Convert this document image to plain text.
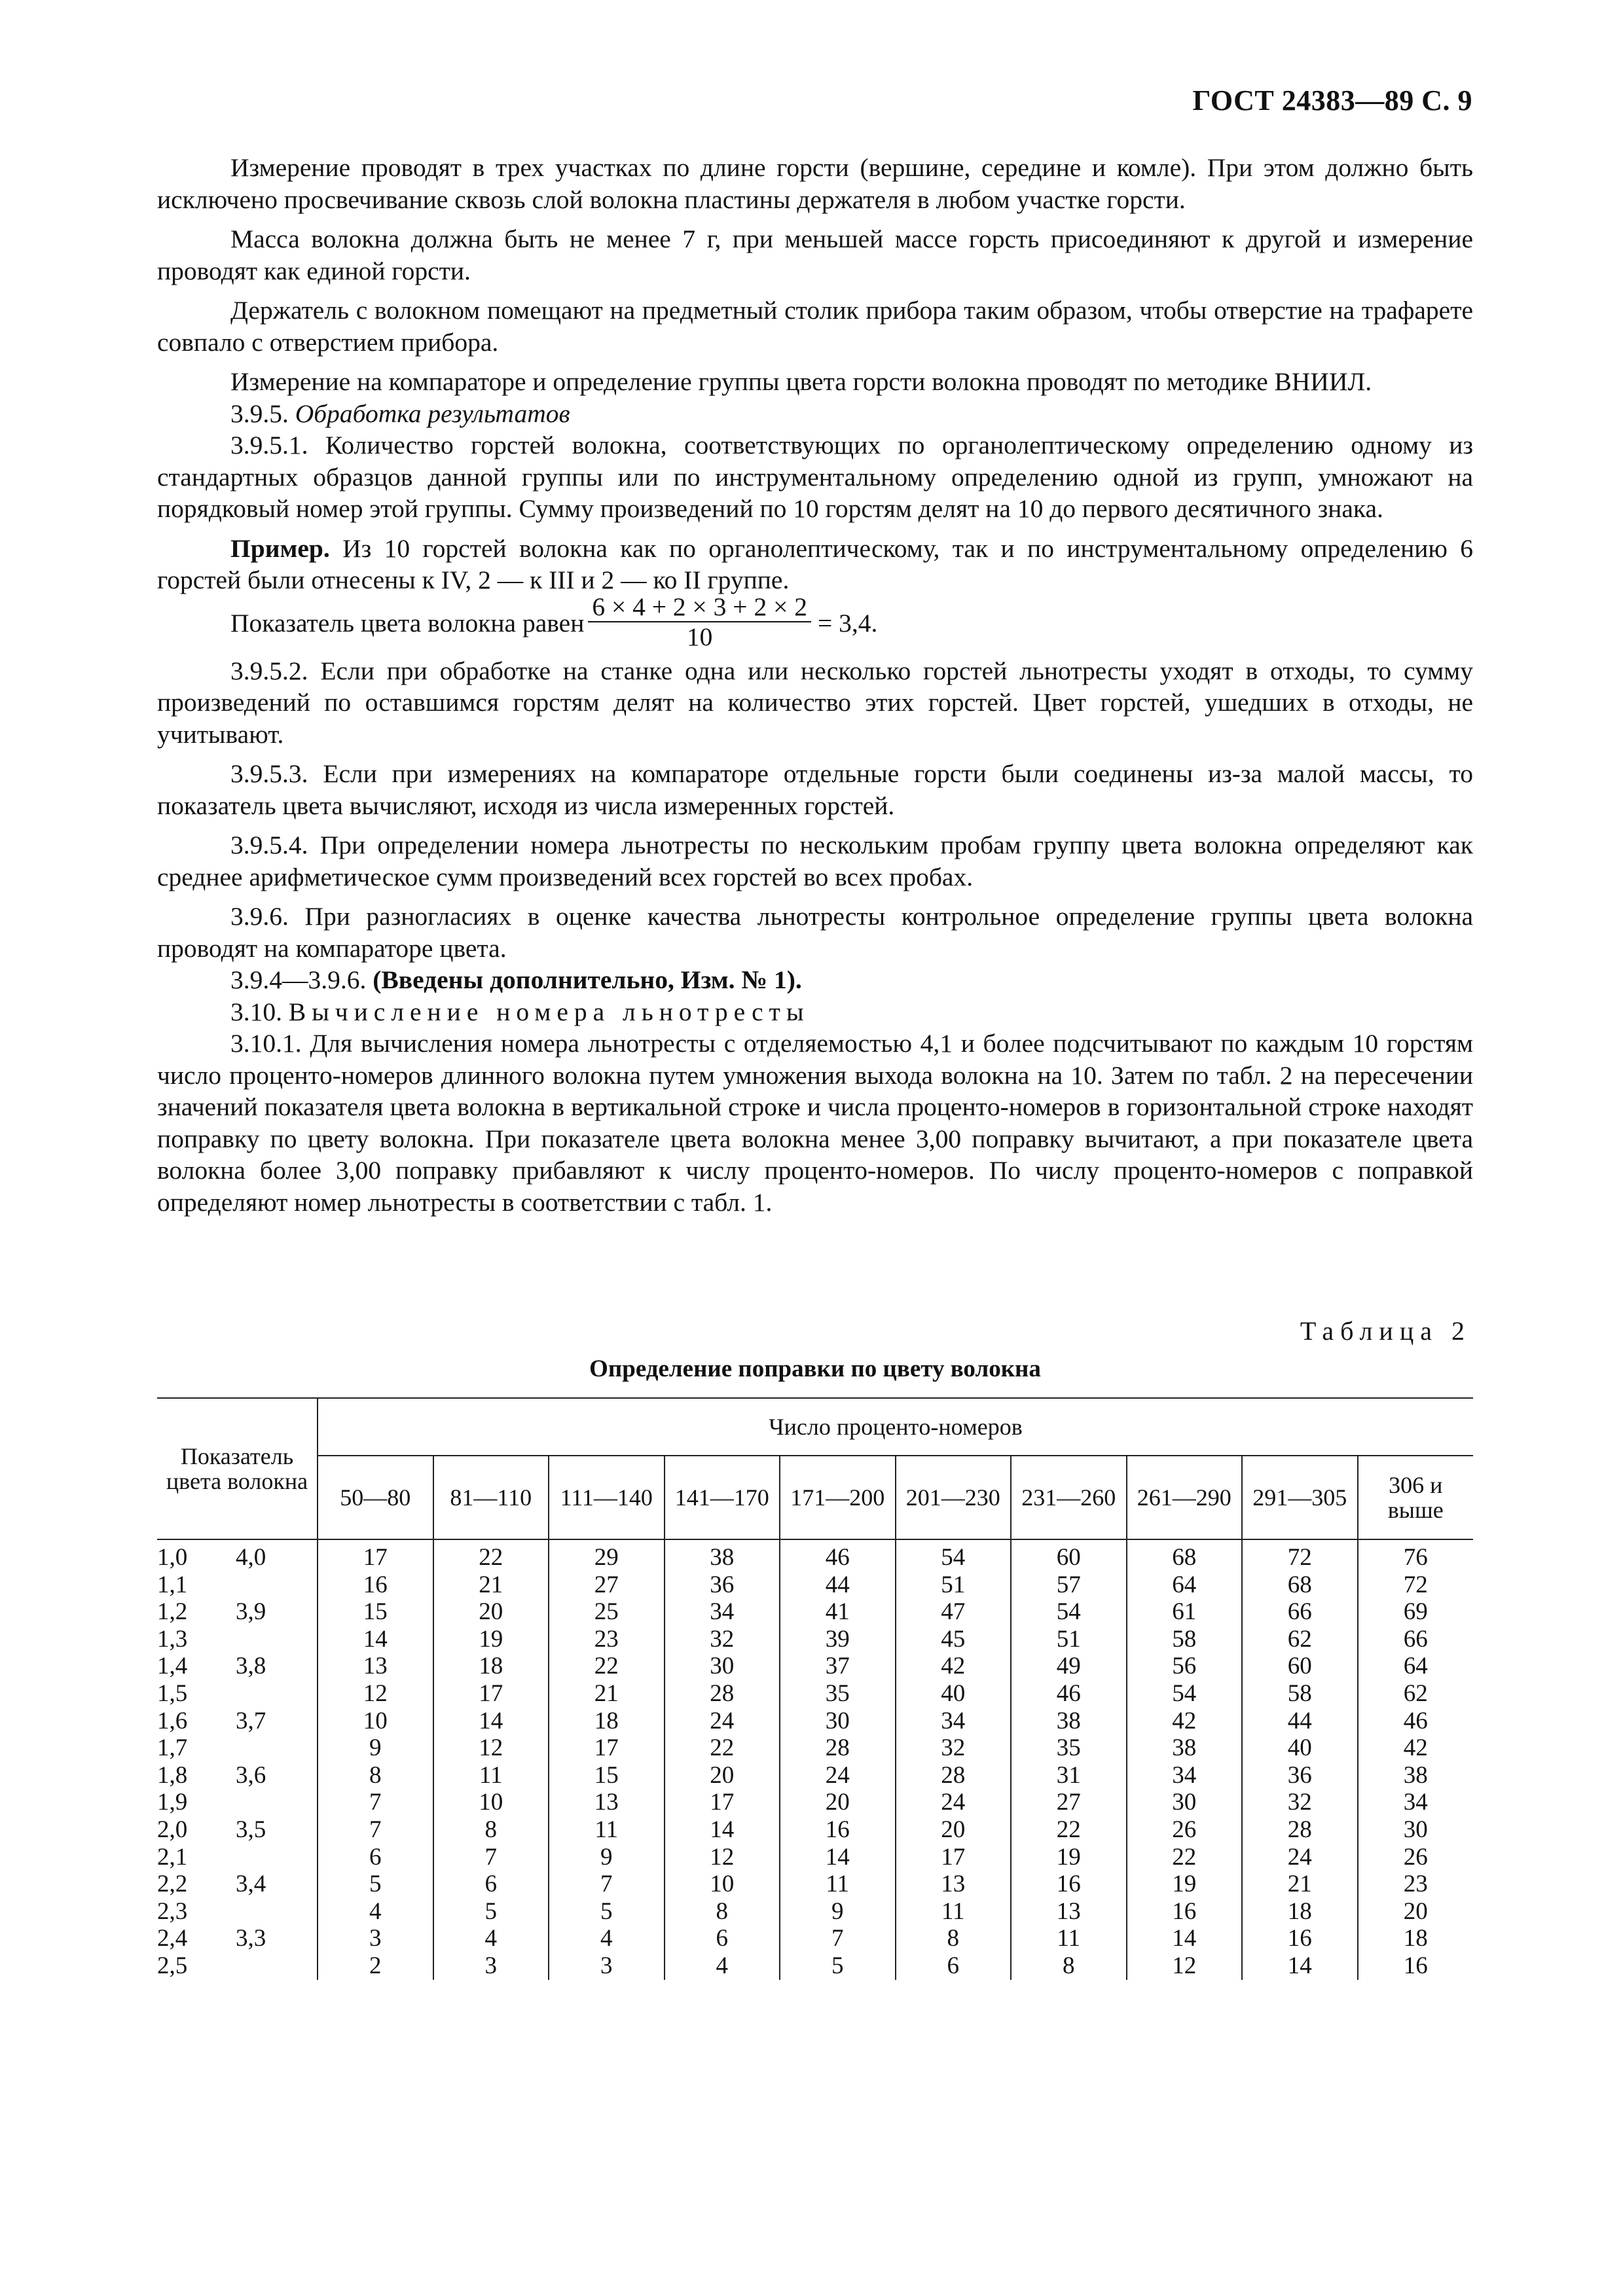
ГОСТ 24383—89 С. 9

Измерение проводят в трех участках по длине горсти (вершине, середине и комле). При этом должно быть исключено просвечивание сквозь слой волокна пластины держателя в любом участке горсти.

Масса волокна должна быть не менее 7 г, при меньшей массе горсть присоединяют к другой и измерение проводят как единой горсти.

Держатель с волокном помещают на предметный столик прибора таким образом, чтобы отверстие на трафарете совпало с отверстием прибора.

Измерение на компараторе и определение группы цвета горсти волокна проводят по методике ВНИИЛ.

3.9.5. Обработка результатов

3.9.5.1. Количество горстей волокна, соответствующих по органолептическому определению одному из стандартных образцов данной группы или по инструментальному определению одной из групп, умножают на порядковый номер этой группы. Сумму произведений по 10 горстям делят на 10 до первого десятичного знака.

Пример. Из 10 горстей волокна как по органолептическому, так и по инструментальному определению 6 горстей были отнесены к IV, 2 — к III и 2 — ко II группе.

Показатель цвета волокна равен $\frac{6 \times 4 + 2 \times 3 + 2 \times 2}{10} = 3,4$.

3.9.5.2. Если при обработке на станке одна или несколько горстей льнотресты уходят в отходы, то сумму произведений по оставшимся горстям делят на количество этих горстей. Цвет горстей, ушедших в отходы, не учитывают.

3.9.5.3. Если при измерениях на компараторе отдельные горсти были соединены из-за малой массы, то показатель цвета вычисляют, исходя из числа измеренных горстей.

3.9.5.4. При определении номера льнотресты по нескольким пробам группу цвета волокна определяют как среднее арифметическое сумм произведений всех горстей во всех пробах.

3.9.6. При разногласиях в оценке качества льнотресты контрольное определение группы цвета волокна проводят на компараторе цвета.

3.9.4—3.9.6. (Введены дополнительно, Изм. № 1).

3.10. Вычисление номера льнотресты

3.10.1. Для вычисления номера льнотресты с отделяемостью 4,1 и более подсчитывают по каждым 10 горстям число процентo-номеров длинного волокна путем умножения выхода волокна на 10. Затем по табл. 2 на пересечении значений показателя цвета волокна в вертикальной строке и числа процентo-номеров в горизонтальной строке находят поправку по цвету волокна. При показателе цвета волокна менее 3,00 поправку вычитают, а при показателе цвета волокна более 3,00 поправку прибавляют к числу процентo-номеров. По числу процентo-номеров с поправкой определяют номер льнотресты в соответствии с табл. 1.

Таблица 2
Определение поправки по цвету волокна
Показатель цвета волокна	Число процентo-номеров									
	50—80	81—110	111—140	141—170	171—200	201—230	231—260	261—290	291—305	306 и выше
1,0 4,0	17	22	29	38	46	54	60	68	72	76
1,1	16	21	27	36	44	51	57	64	68	72
1,2 3,9	15	20	25	34	41	47	54	61	66	69
1,3	14	19	23	32	39	45	51	58	62	66
1,4 3,8	13	18	22	30	37	42	49	56	60	64
1,5	12	17	21	28	35	40	46	54	58	62
1,6 3,7	10	14	18	24	30	34	38	42	44	46
1,7	9	12	17	22	28	32	35	38	40	42
1,8 3,6	8	11	15	20	24	28	31	34	36	38
1,9	7	10	13	17	20	24	27	30	32	34
2,0 3,5	7	8	11	14	16	20	22	26	28	30
2,1	6	7	9	12	14	17	19	22	24	26
2,2 3,4	5	6	7	10	11	13	16	19	21	23
2,3	4	5	5	8	9	11	13	16	18	20
2,4 3,3	3	4	4	6	7	8	11	14	16	18
2,5	2	3	3	4	5	6	8	12	14	16
